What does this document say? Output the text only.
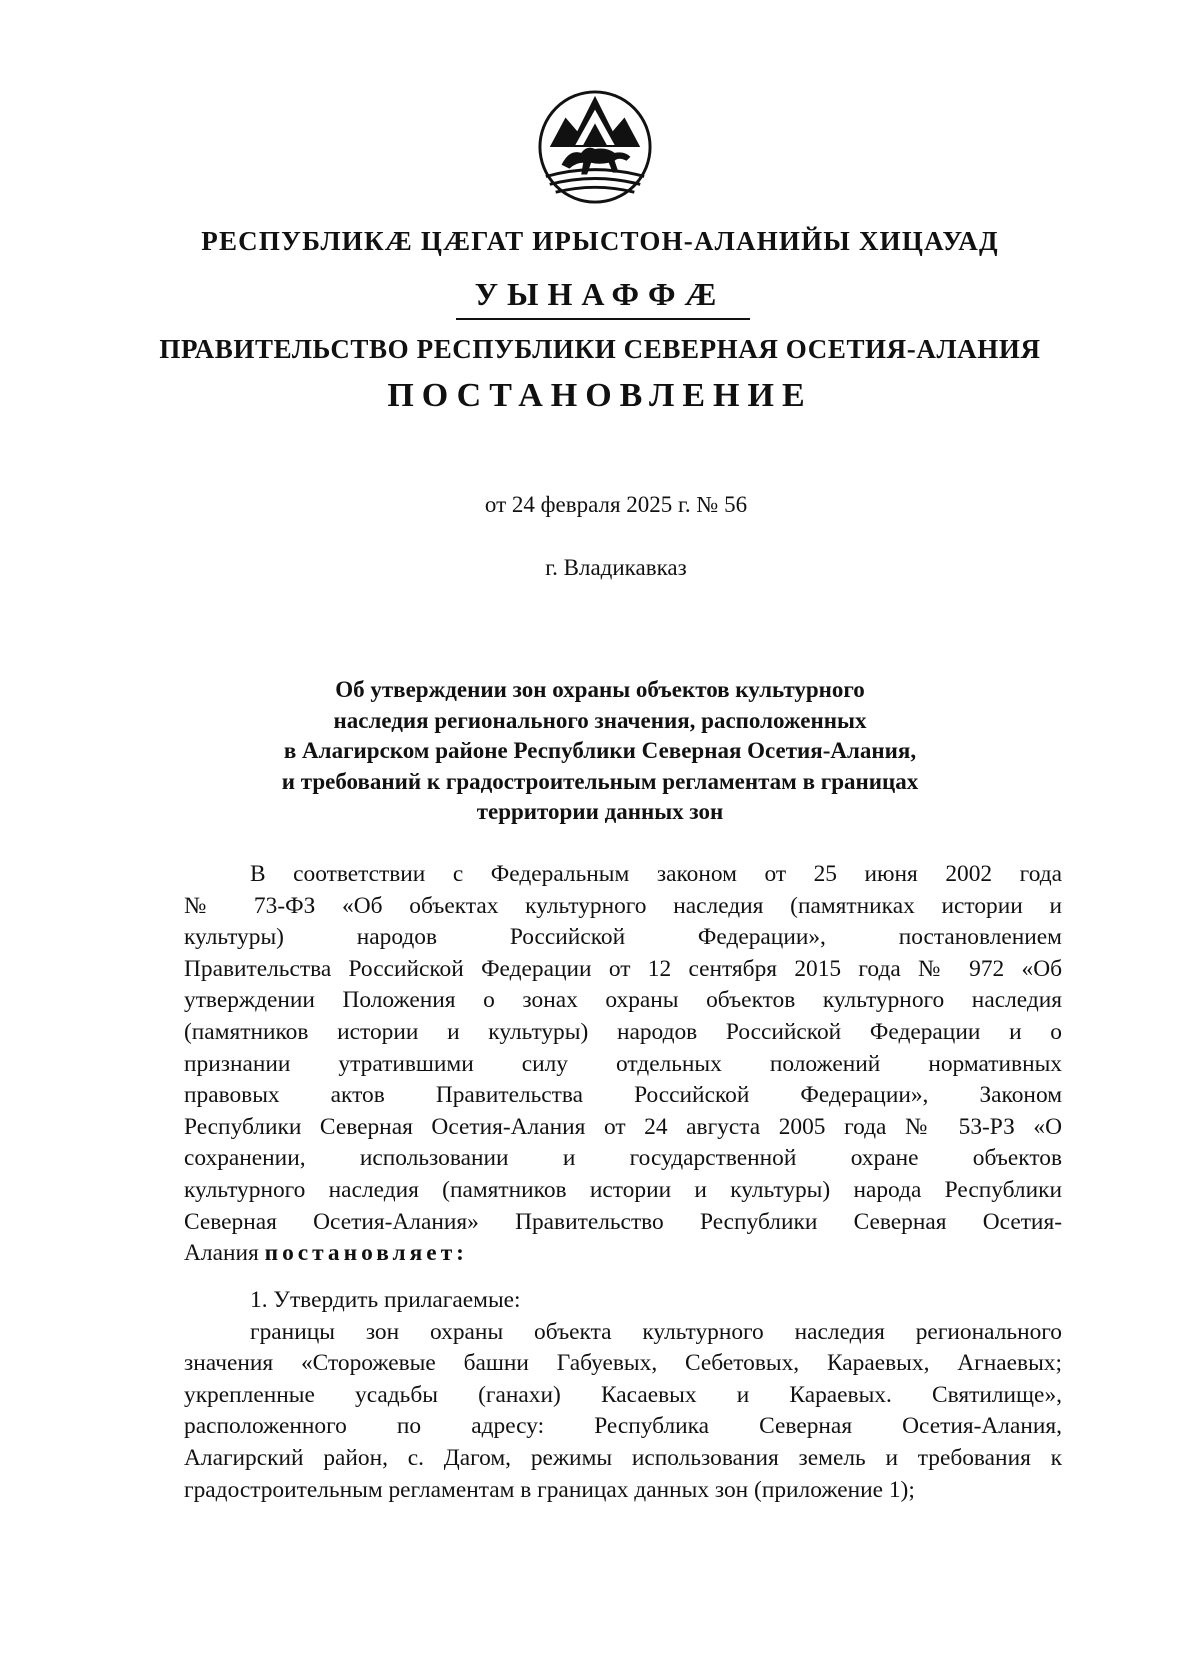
РЕСПУБЛИКÆ ЦÆГАТ ИРЫСТОН-АЛАНИЙЫ ХИЦАУАД

УЫНАФФÆ

ПРАВИТЕЛЬСТВО РЕСПУБЛИКИ СЕВЕРНАЯ ОСЕТИЯ-АЛАНИЯ

ПОСТАНОВЛЕНИЕ

от 24 февраля 2025 г. № 56

г. Владикавказ

Об утверждении зон охраны объектов культурного
наследия регионального значения, расположенных
в Алагирском районе Республики Северная Осетия-Алания,
и требований к градостроительным регламентам в границах
территории данных зон
В соответствии с Федеральным законом от 25 июня 2002 года
№ 73-ФЗ «Об объектах культурного наследия (памятниках истории и
культуры) народов Российской Федерации», постановлением
Правительства Российской Федерации от 12 сентября 2015 года № 972 «Об
утверждении Положения о зонах охраны объектов культурного наследия
(памятников истории и культуры) народов Российской Федерации и о
признании утратившими силу отдельных положений нормативных
правовых актов Правительства Российской Федерации», Законом
Республики Северная Осетия-Алания от 24 августа 2005 года № 53-РЗ «О
сохранении, использовании и государственной охране объектов
культурного наследия (памятников истории и культуры) народа Республики
Северная Осетия-Алания» Правительство Республики Северная Осетия-
Алания постановляет:
1. Утвердить прилагаемые:
границы зон охраны объекта культурного наследия регионального
значения «Сторожевые башни Габуевых, Себетовых, Караевых, Агнаевых;
укрепленные усадьбы (ганахи) Касаевых и Караевых. Святилище»,
расположенного по адресу: Республика Северная Осетия-Алания,
Алагирский район, с. Дагом, режимы использования земель и требования к
градостроительным регламентам в границах данных зон (приложение 1);
